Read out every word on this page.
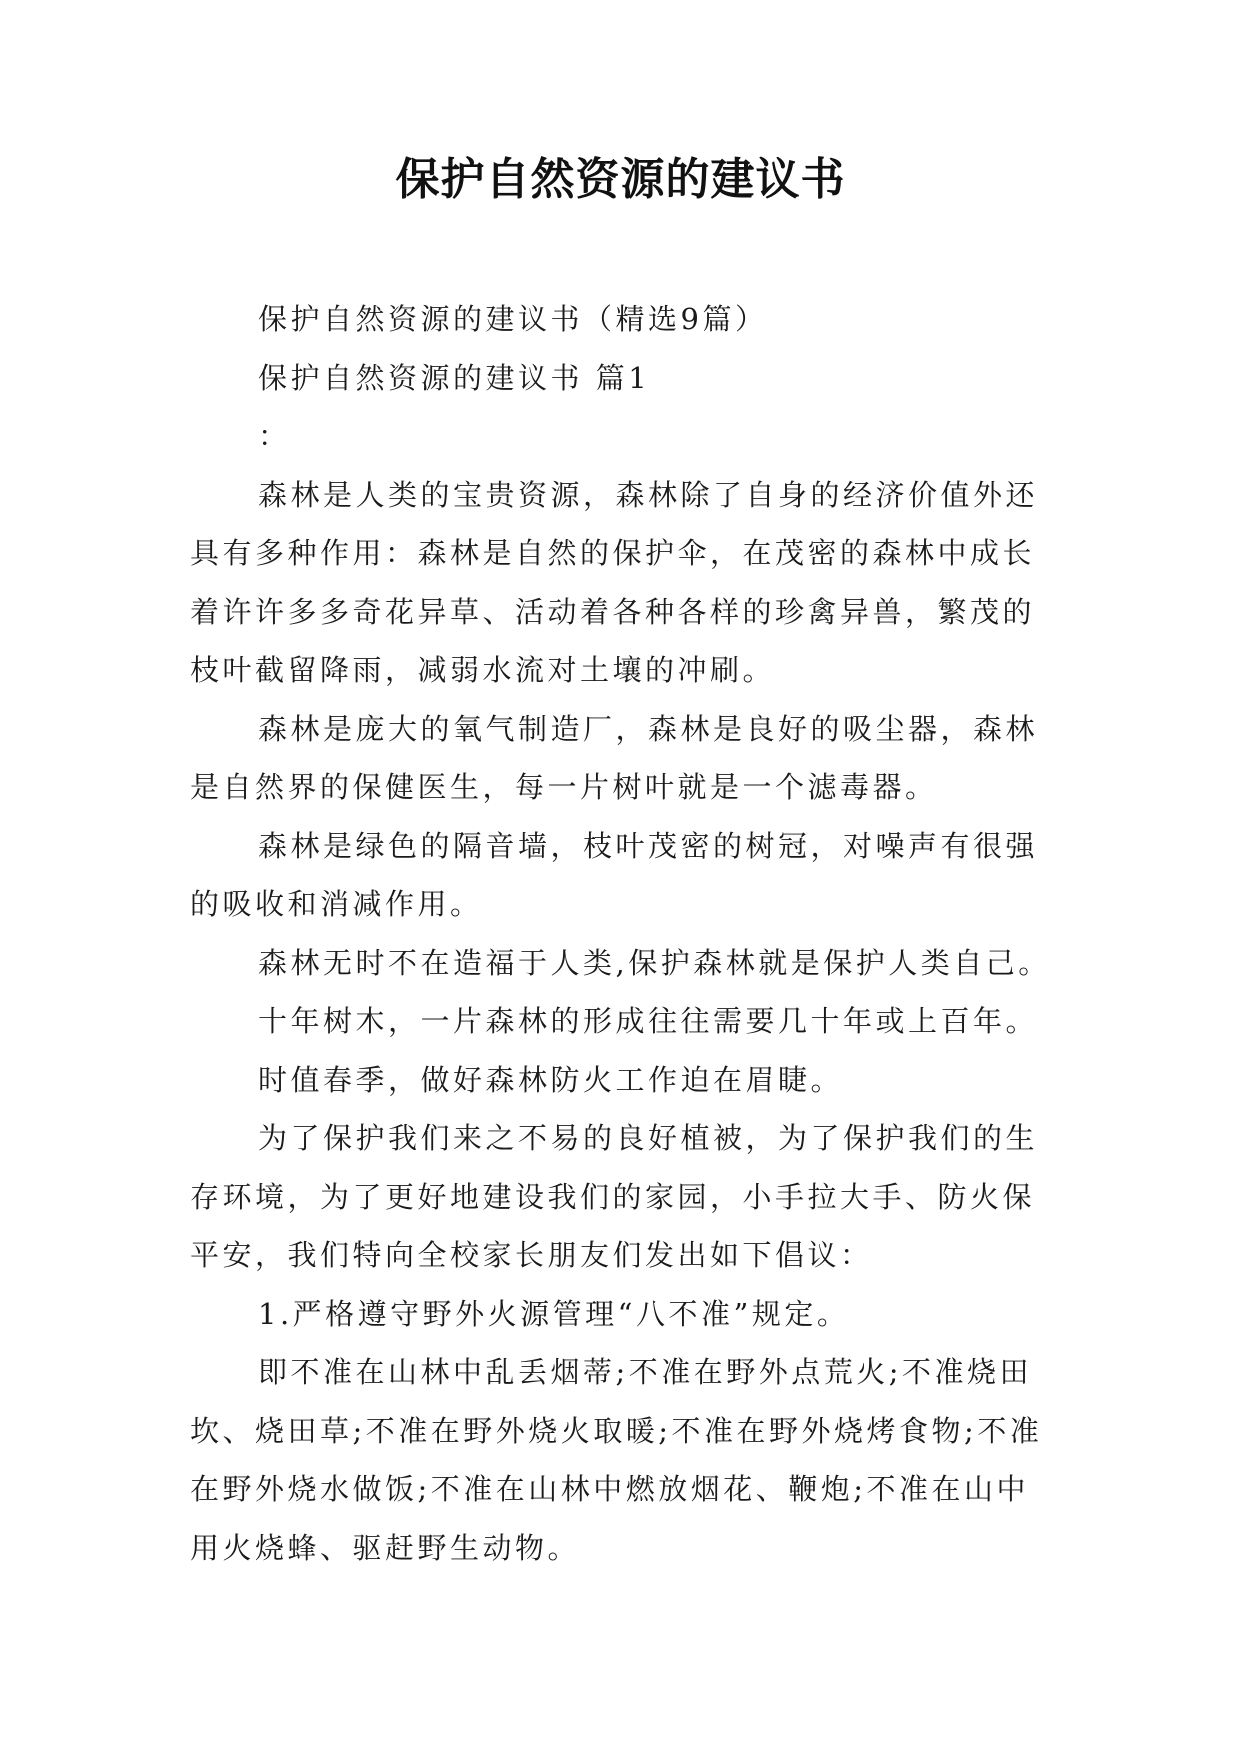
保护自然资源的建议书

保护自然资源的建议书（精选9篇）

保护自然资源的建议书 篇1

：

森林是人类的宝贵资源，森林除了自身的经济价值外还具有多种作用：森林是自然的保护伞，在茂密的森林中成长着许许多多奇花异草、活动着各种各样的珍禽异兽，繁茂的枝叶截留降雨，减弱水流对土壤的冲刷。

森林是庞大的氧气制造厂，森林是良好的吸尘器，森林是自然界的保健医生，每一片树叶就是一个滤毒器。

森林是绿色的隔音墙，枝叶茂密的树冠，对噪声有很强的吸收和消减作用。

森林无时不在造福于人类,保护森林就是保护人类自己。

十年树木，一片森林的形成往往需要几十年或上百年。

时值春季，做好森林防火工作迫在眉睫。

为了保护我们来之不易的良好植被，为了保护我们的生存环境，为了更好地建设我们的家园，小手拉大手、防火保平安，我们特向全校家长朋友们发出如下倡议：

1.严格遵守野外火源管理“八不准”规定。

即不准在山林中乱丢烟蒂;不准在野外点荒火;不准烧田坎、烧田草;不准在野外烧火取暖;不准在野外烧烤食物;不准在野外烧水做饭;不准在山林中燃放烟花、鞭炮;不准在山中用火烧蜂、驱赶野生动物。
